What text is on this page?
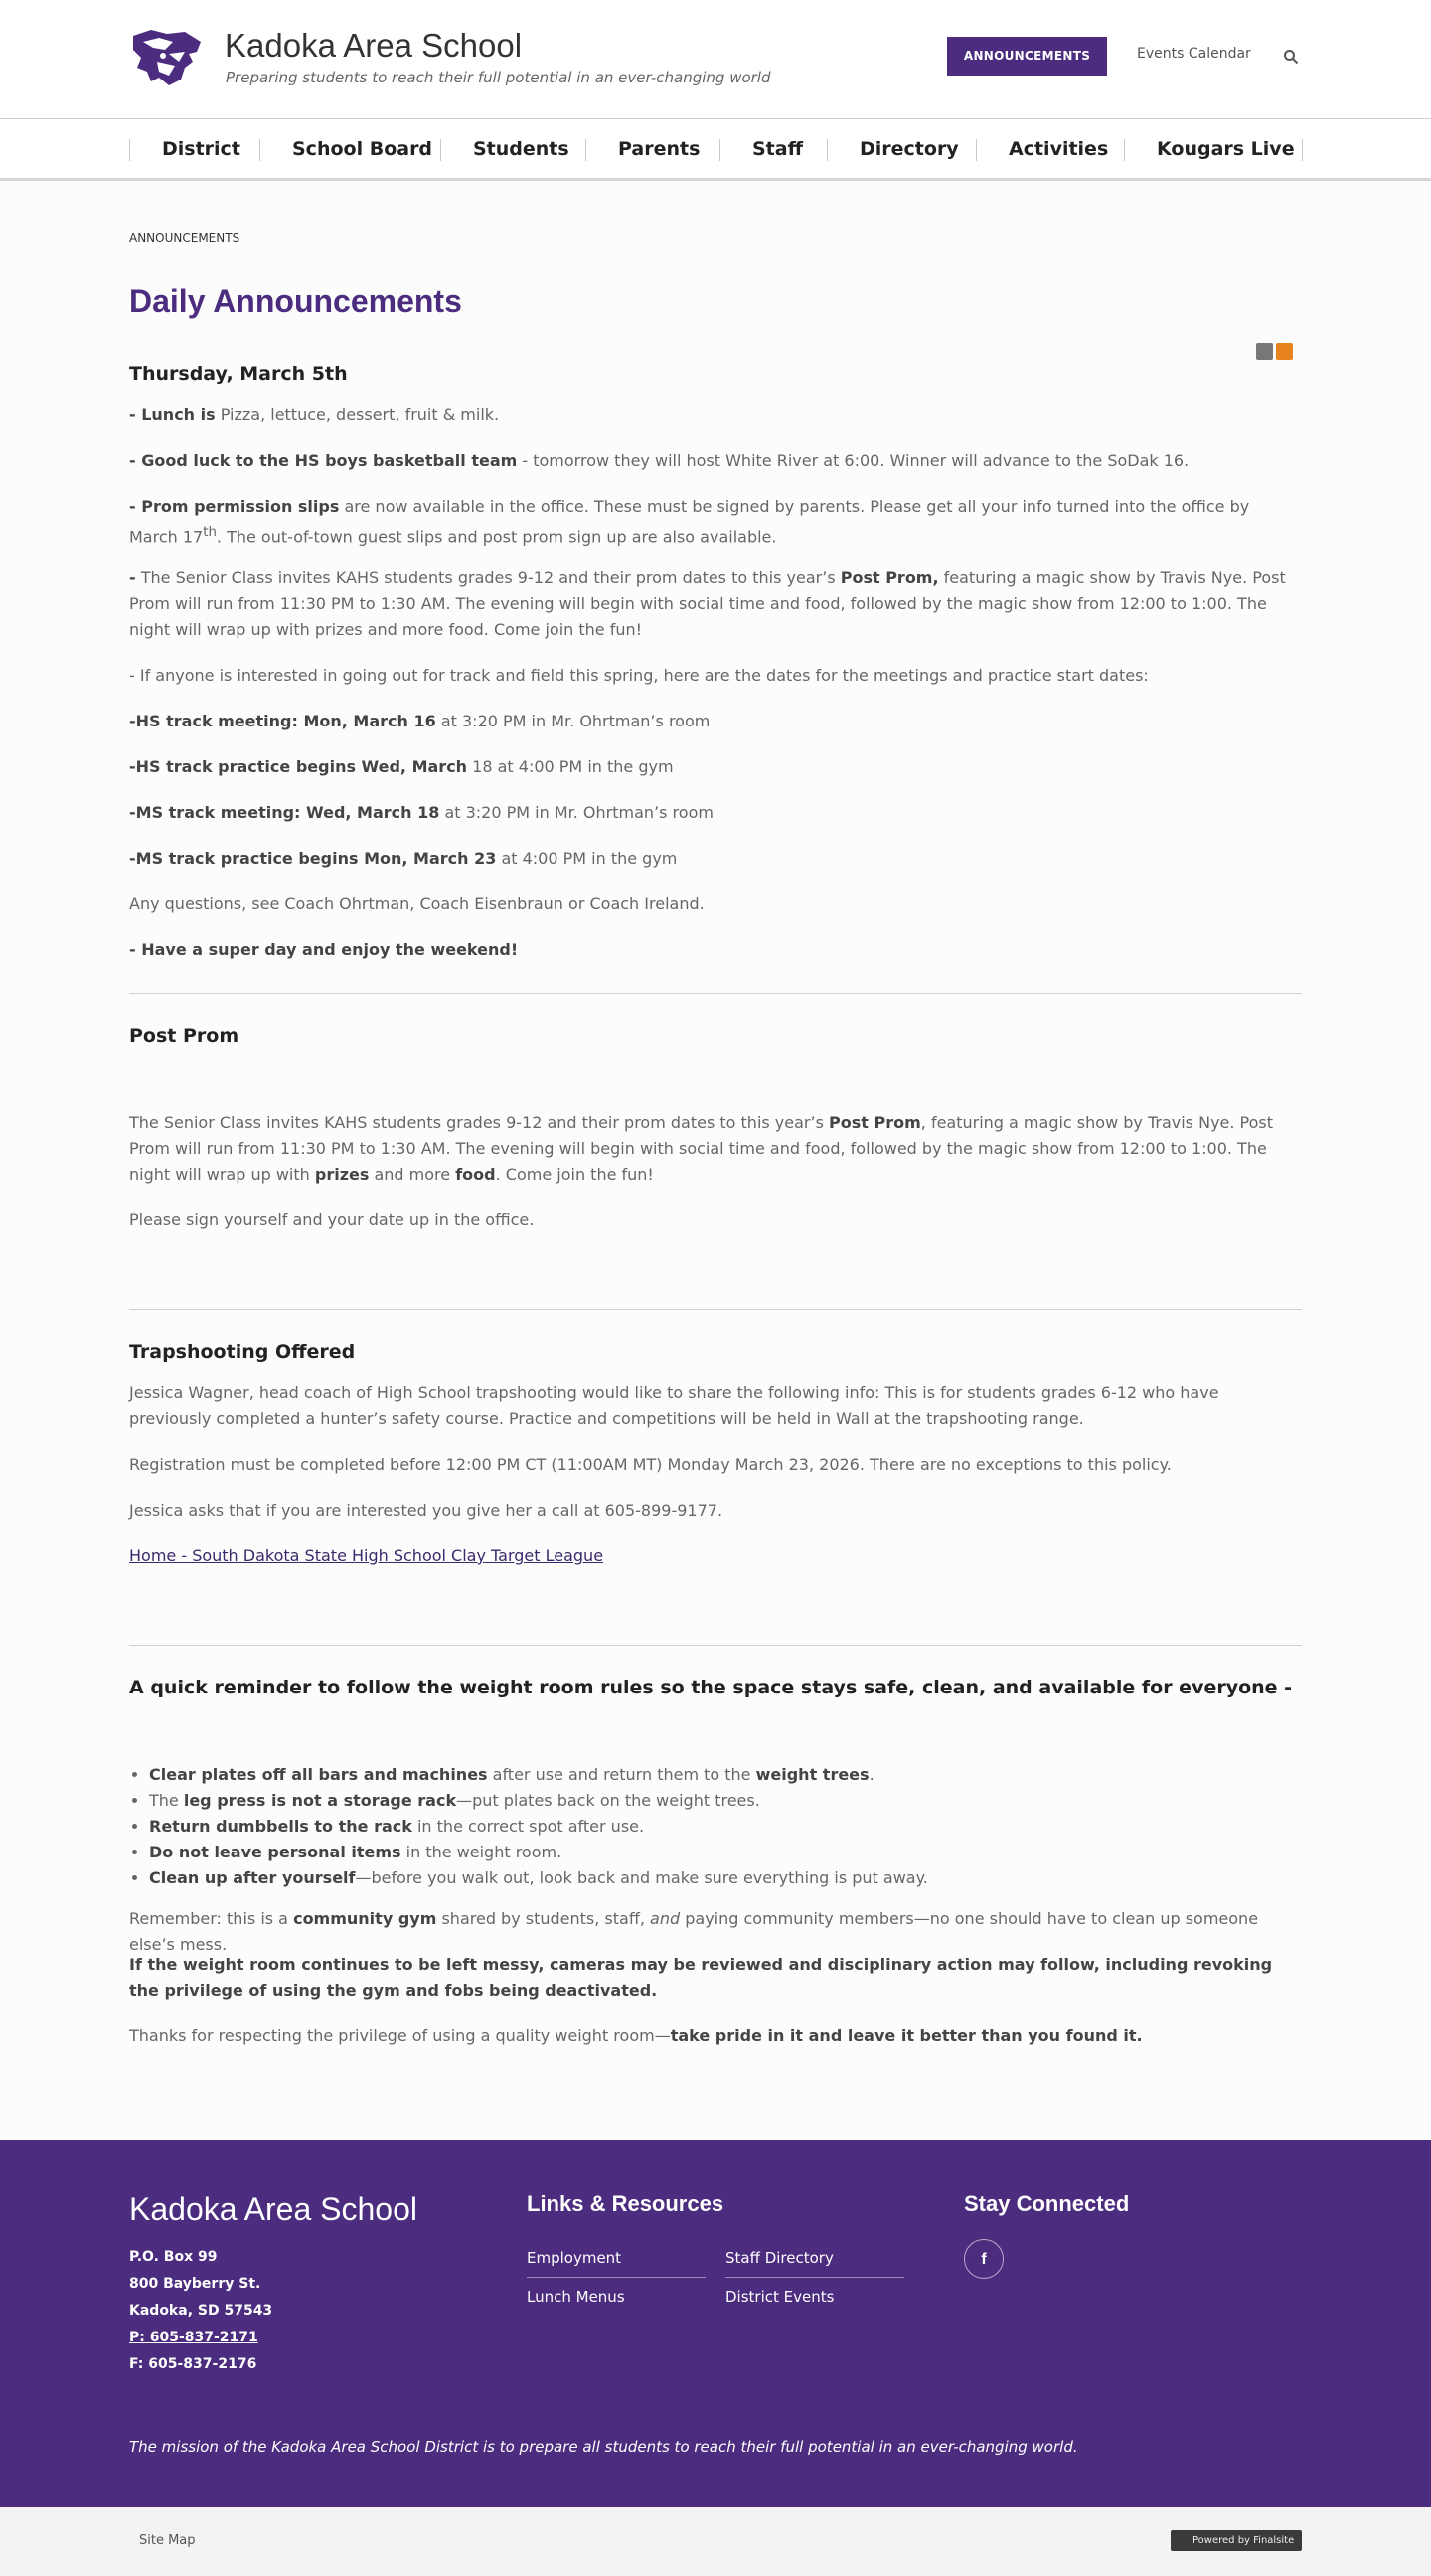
Kadoka Area School
Preparing students to reach their full potential in an ever-changing world
ANNOUNCEMENTS	Events Calendar
District	School Board Students	Parents	Staff	Directory	Activities	Kougars Live
ANNOUNCEMENTS
Daily Announcements
Thursday, March 5th
- Lunch is Pizza, lettuce, dessert, fruit & milk.
- Good luck to the HS boys basketball team - tomorrow they will host White River at 6:00. Winner will advance to the SoDak 16.
- Prom permission slips are now available in the office. These must be signed by parents. Please get all your info turned into the office by March 17th. The out-of-town guest slips and post prom sign up are also available.
- The Senior Class invites KAHS students grades 9-12 and their prom dates to this year’s Post Prom, featuring a magic show by Travis Nye. Post Prom will run from 11:30 PM to 1:30 AM. The evening will begin with social time and food, followed by the magic show from 12:00 to 1:00. The night will wrap up with prizes and more food. Come join the fun!
- If anyone is interested in going out for track and field this spring, here are the dates for the meetings and practice start dates:
-HS track meeting: Mon, March 16 at 3:20 PM in Mr. Ohrtman’s room
-HS track practice begins Wed, March 18 at 4:00 PM in the gym
-MS track meeting: Wed, March 18 at 3:20 PM in Mr. Ohrtman’s room
-MS track practice begins Mon, March 23 at 4:00 PM in the gym
Any questions, see Coach Ohrtman, Coach Eisenbraun or Coach Ireland.
- Have a super day and enjoy the weekend!
Post Prom
The Senior Class invites KAHS students grades 9-12 and their prom dates to this year’s Post Prom, featuring a magic show by Travis Nye. Post Prom will run from 11:30 PM to 1:30 AM. The evening will begin with social time and food, followed by the magic show from 12:00 to 1:00. The night will wrap up with prizes and more food. Come join the fun!
Please sign yourself and your date up in the office.
Trapshooting Offered
Jessica Wagner, head coach of High School trapshooting would like to share the following info: This is for students grades 6-12 who have previously completed a hunter’s safety course. Practice and competitions will be held in Wall at the trapshooting range.
Registration must be completed before 12:00 PM CT (11:00AM MT) Monday March 23, 2026. There are no exceptions to this policy.
Jessica asks that if you are interested you give her a call at 605-899-9177.
Home - South Dakota State High School Clay Target League
A quick reminder to follow the weight room rules so the space stays safe, clean, and available for everyone -
• Clear plates off all bars and machines after use and return them to the weight trees.
• The leg press is not a storage rack—put plates back on the weight trees.
• Return dumbbells to the rack in the correct spot after use.
• Do not leave personal items in the weight room.
• Clean up after yourself—before you walk out, look back and make sure everything is put away.
Remember: this is a community gym shared by students, staff, and paying community members—no one should have to clean up someone else’s mess.
If the weight room continues to be left messy, cameras may be reviewed and disciplinary action may follow, including revoking the privilege of using the gym and fobs being deactivated.
Thanks for respecting the privilege of using a quality weight room—take pride in it and leave it better than you found it.
Kadoka Area School
P.O. Box 99
800 Bayberry St.
Kadoka, SD 57543
P: 605-837-2171
F: 605-837-2176
Links & Resources
Employment	Staff Directory
Lunch Menus	District Events
Stay Connected
f
The mission of the Kadoka Area School District is to prepare all students to reach their full potential in an ever-changing world.
Site Map	Powered by Finalsite
